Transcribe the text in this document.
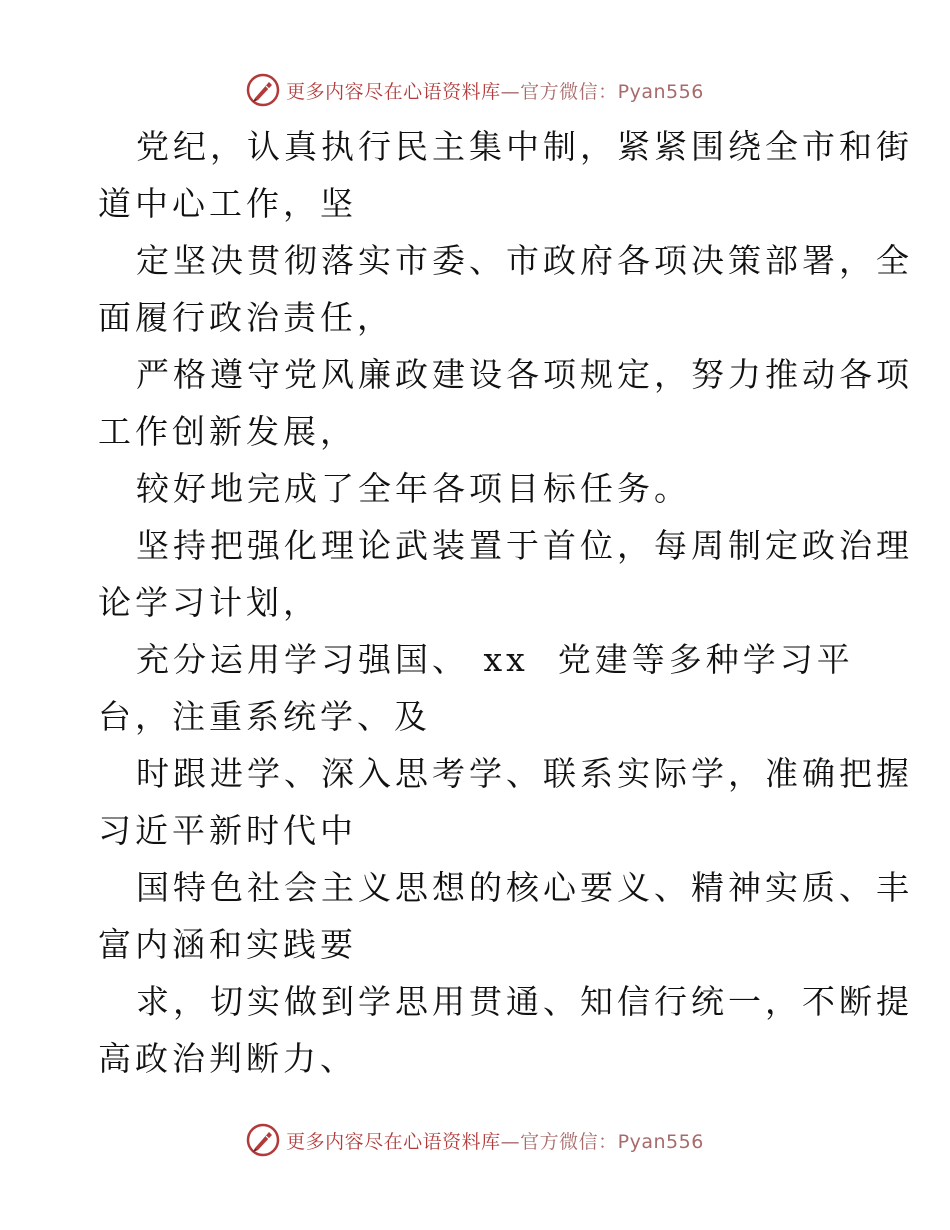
更多内容尽在心语资料库—官方微信：Pyan556

党纪，认真执行民主集中制，紧紧围绕全市和街
道中心工作，坚

定坚决贯彻落实市委、市政府各项决策部署，全
面履行政治责任，

严格遵守党风廉政建设各项规定，努力推动各项
工作创新发展，

较好地完成了全年各项目标任务。

坚持把强化理论武装置于首位，每周制定政治理
论学习计划，

充分运用学习强国、 xx  党建等多种学习平
台，注重系统学、及

时跟进学、深入思考学、联系实际学，准确把握
习近平新时代中

国特色社会主义思想的核心要义、精神实质、丰
富内涵和实践要

求，切实做到学思用贯通、知信行统一，不断提
高政治判断力、

更多内容尽在心语资料库—官方微信：Pyan556
